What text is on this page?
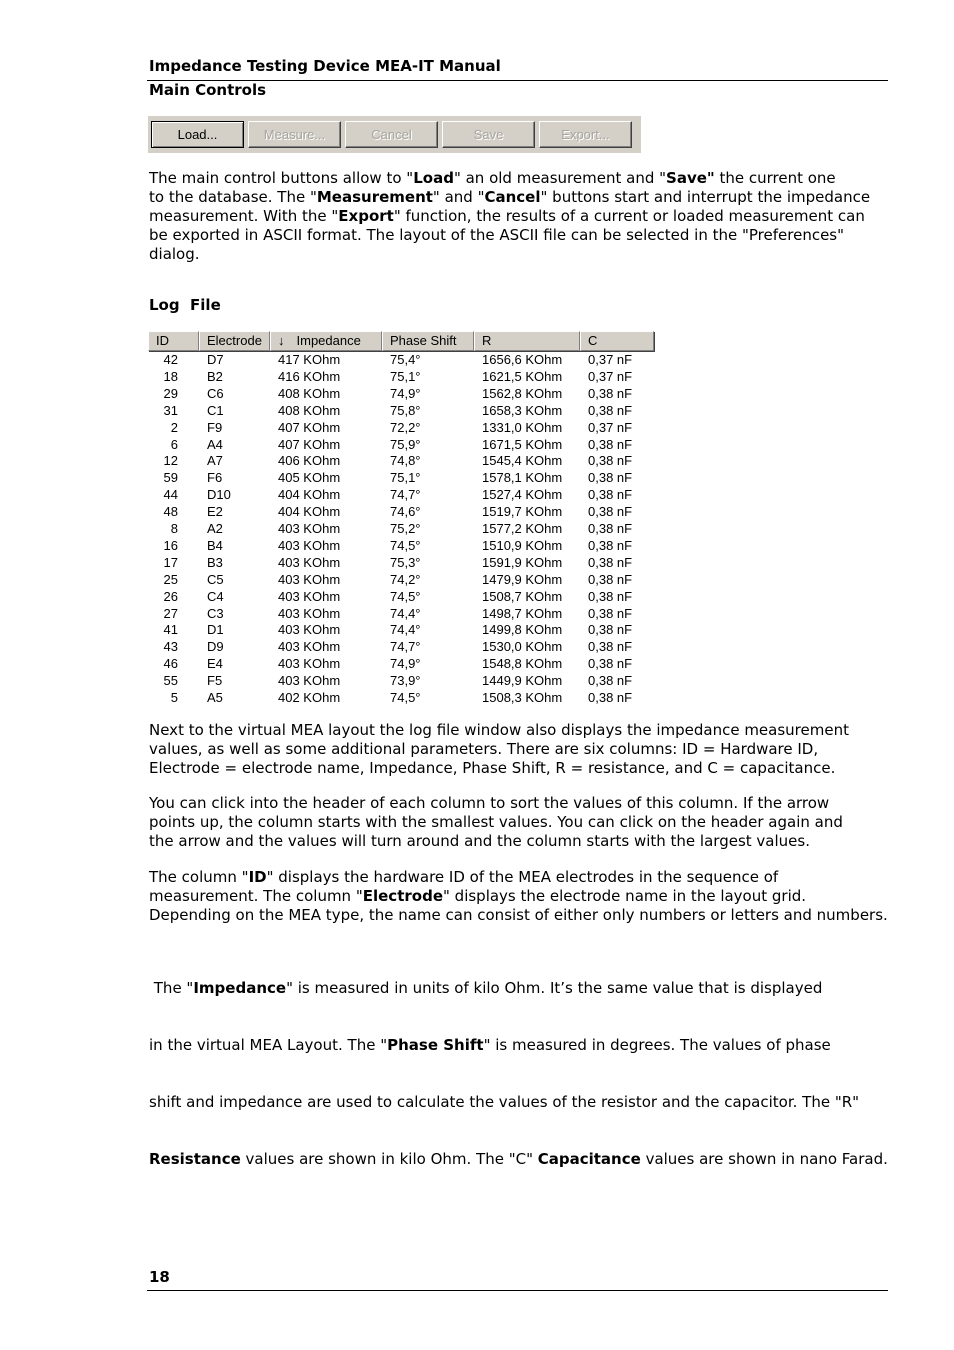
Impedance Testing Device MEA-IT Manual
Main Controls
Load...	Measure...	Cancel	Save	Export...
The main control buttons allow to "Load" an old measurement and "Save" the current one
to the database. The "Measurement" and "Cancel" buttons start and interrupt the impedance
measurement. With the "Export" function, the results of a current or loaded measurement can
be exported in ASCII format. The layout of the ASCII file can be selected in the "Preferences"
dialog.
Log  File
ID	Electrode	↓ Impedance	Phase Shift	R	C
42 D7	417 KOhm	75,4°	1656,6 KOhm 0,37 nF
18 B2	416 KOhm	75,1°	1621,5 KOhm 0,37 nF
29 C6	408 KOhm	74,9°	1562,8 KOhm 0,38 nF
31 C1	408 KOhm	75,8°	1658,3 KOhm 0,38 nF
2 F9	407 KOhm	72,2°	1331,0 KOhm 0,37 nF
6 A4	407 KOhm	75,9°	1671,5 KOhm 0,38 nF
12 A7	406 KOhm	74,8°	1545,4 KOhm 0,38 nF
59 F6	405 KOhm	75,1°	1578,1 KOhm 0,38 nF
44 D10	404 KOhm	74,7°	1527,4 KOhm 0,38 nF
48 E2	404 KOhm	74,6°	1519,7 KOhm 0,38 nF
8 A2	403 KOhm	75,2°	1577,2 KOhm 0,38 nF
16 B4	403 KOhm	74,5°	1510,9 KOhm 0,38 nF
17 B3	403 KOhm	75,3°	1591,9 KOhm 0,38 nF
25 C5	403 KOhm	74,2°	1479,9 KOhm 0,38 nF
26 C4	403 KOhm	74,5°	1508,7 KOhm 0,38 nF
27 C3	403 KOhm	74,4°	1498,7 KOhm 0,38 nF
41 D1	403 KOhm	74,4°	1499,8 KOhm 0,38 nF
43 D9	403 KOhm	74,7°	1530,0 KOhm 0,38 nF
46 E4	403 KOhm	74,9°	1548,8 KOhm 0,38 nF
55 F5	403 KOhm	73,9°	1449,9 KOhm 0,38 nF
5 A5	402 KOhm	74,5°	1508,3 KOhm 0,38 nF
Next to the virtual MEA layout the log file window also displays the impedance measurement
values, as well as some additional parameters. There are six columns: ID = Hardware ID,
Electrode = electrode name, Impedance, Phase Shift, R = resistance, and C = capacitance.
You can click into the header of each column to sort the values of this column. If the arrow
points up, the column starts with the smallest values. You can click on the header again and
the arrow and the values will turn around and the column starts with the largest values.
The column "ID" displays the hardware ID of the MEA electrodes in the sequence of
measurement. The column "Electrode" displays the electrode name in the layout grid.
Depending on the MEA type, the name can consist of either only numbers or letters and numbers.

The "Impedance" is measured in units of kilo Ohm. It’s the same value that is displayed

in the virtual MEA Layout. The "Phase Shift" is measured in degrees. The values of phase

shift and impedance are used to calculate the values of the resistor and the capacitor. The "R"

Resistance values are shown in kilo Ohm. The "C" Capacitance values are shown in nano Farad.

18
